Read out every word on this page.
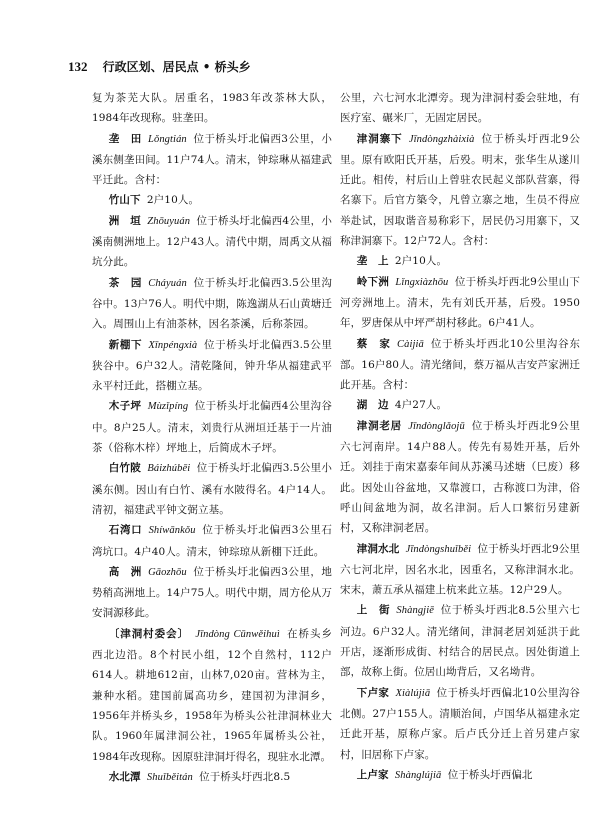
132 行政区划、居民点 • 桥头乡

复为茶芜大队。居重名，1983年改茶林大队，1984年改现称。驻垄田。

垄　田 Lǒngtián 位于桥头圩北偏西3公里，小溪东侧垄田间。11户74人。清末，钟琮琳从福建武平迁此。含村：

竹山下 2户10人。

洲　垣 Zhōuyuán 位于桥头圩北偏西4公里，小溪南侧洲地上。12户43人。清代中期，周禹文从福坑分此。

茶　园 Cháyuán 位于桥头圩北偏西3.5公里沟谷中。13户76人。明代中期，陈逸湖从石山黄塘迁入。周围山上有油茶林，因名茶溪，后称茶园。

新棚下 Xīnpéngxià 位于桥头圩北偏西3.5公里狭谷中。6户32人。清乾隆间，钟升华从福建武平永平村迁此，搭棚立基。

木子坪 Mùzǐpíng 位于桥头圩北偏西4公里沟谷中。8户25人。清末，刘贵行从洲垣迁基于一片油茶（俗称木梓）坪地上，后简成木子坪。

白竹陂 Báizhúbēi 位于桥头圩北偏西3.5公里小溪东侧。因山有白竹、溪有水陂得名。4户14人。清初，福建武平钟文弼立基。

石湾口 Shíwānkǒu 位于桥头圩北偏西3公里石湾坑口。4户40人。清末，钟琮琼从新棚下迁此。

高　洲 Gāozhōu 位于桥头圩北偏西3公里，地势稍高洲地上。14户75人。明代中期，周方伦从万安洞源移此。

〔津洞村委会〕 Jīndòng Cūnwěihuì 在桥头乡西北边沿。8个村民小组，12个自然村，112户614人。耕地612亩，山林7,020亩。营林为主，兼种水稻。建国前属高功乡，建国初为津洞乡，1956年并桥头乡，1958年为桥头公社津洞林业大队。1960年属津洞公社，1965年属桥头公社，1984年改现称。因原驻津洞圩得名，现驻水北潭。

水北潭 Shuǐběitán 位于桥头圩西北8.5

公里，六七河水北潭旁。现为津洞村委会驻地，有医疗室、碾米厂，无固定居民。

津洞寨下 Jīndòngzhàixià 位于桥头圩西北9公里。原有欧阳氏开基，后殁。明末，张华生从遂川迁此。相传，村后山上曾驻农民起义部队营寨，得名寨下。后官方築令，凡曾立寨之地，生员不得应举赴试，因取谐音易称彩下，居民仍习用寨下，又称津洞寨下。12户72人。含村：

垄　上 2户10人。

岭下洲 Lǐngxiàzhōu 位于桥头圩西北9公里山下河旁洲地上。清末，先有刘氏开基，后殁。1950年，罗唐保从中坪严胡村移此。6户41人。

蔡　家 Càijiā 位于桥头圩西北10公里沟谷东部。16户80人。清光绪间，蔡万福从吉安芦家洲迁此开基。含村：

湖　边 4户27人。

津洞老居 Jīndònglǎojū 位于桥头圩西北9公里六七河南岸。14户88人。传先有易姓开基，后外迁。刘挂于南宋嘉泰年间从苏溪马述塘（巳废）移此。因处山谷盆地，又靠渡口，古称渡口为津，俗呼山间盆地为洞，故名津洞。后人口繁衍另建新村，又称津洞老居。

津洞水北 Jīndòngshuǐběi 位于桥头圩西北9公里六七河北岸，因名水北，因重名，又称津洞水北。宋末，萧五承从福建上杭来此立基。12户29人。

上　街 Shàngjiē 位于桥头圩西北8.5公里六七河边。6户32人。清光绪间，津洞老居刘延洪于此开店，逐渐形成街、村结合的居民点。因处街道上部，故称上街。位居山坳背后，又名坳背。

下卢家 Xiàlújiā 位于桥头圩西偏北10公里沟谷北侧。27户155人。清顺治间，卢国华从福建永定迁此开基，原称卢家。后卢氏分迁上首另建卢家村，旧居称下卢家。

上卢家 Shànglújiā 位于桥头圩西偏北
